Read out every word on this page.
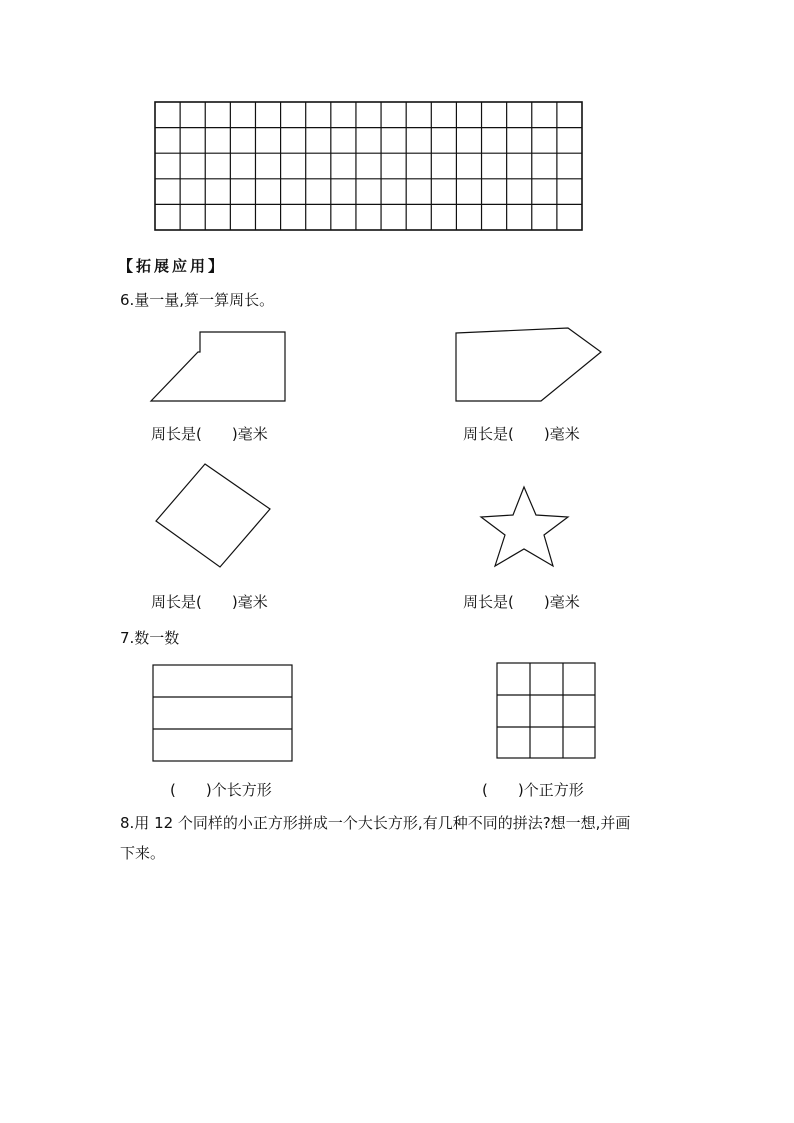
【拓展应用】
6.量一量,算一算周长。
周长是(　　)毫米	周长是(　　)毫米
周长是(　　)毫米	周长是(　　)毫米
7.数一数
(　　)个长方形	(　　)个正方形
8.用 12 个同样的小正方形拼成一个大长方形,有几种不同的拼法?想一想,并画
下来。
